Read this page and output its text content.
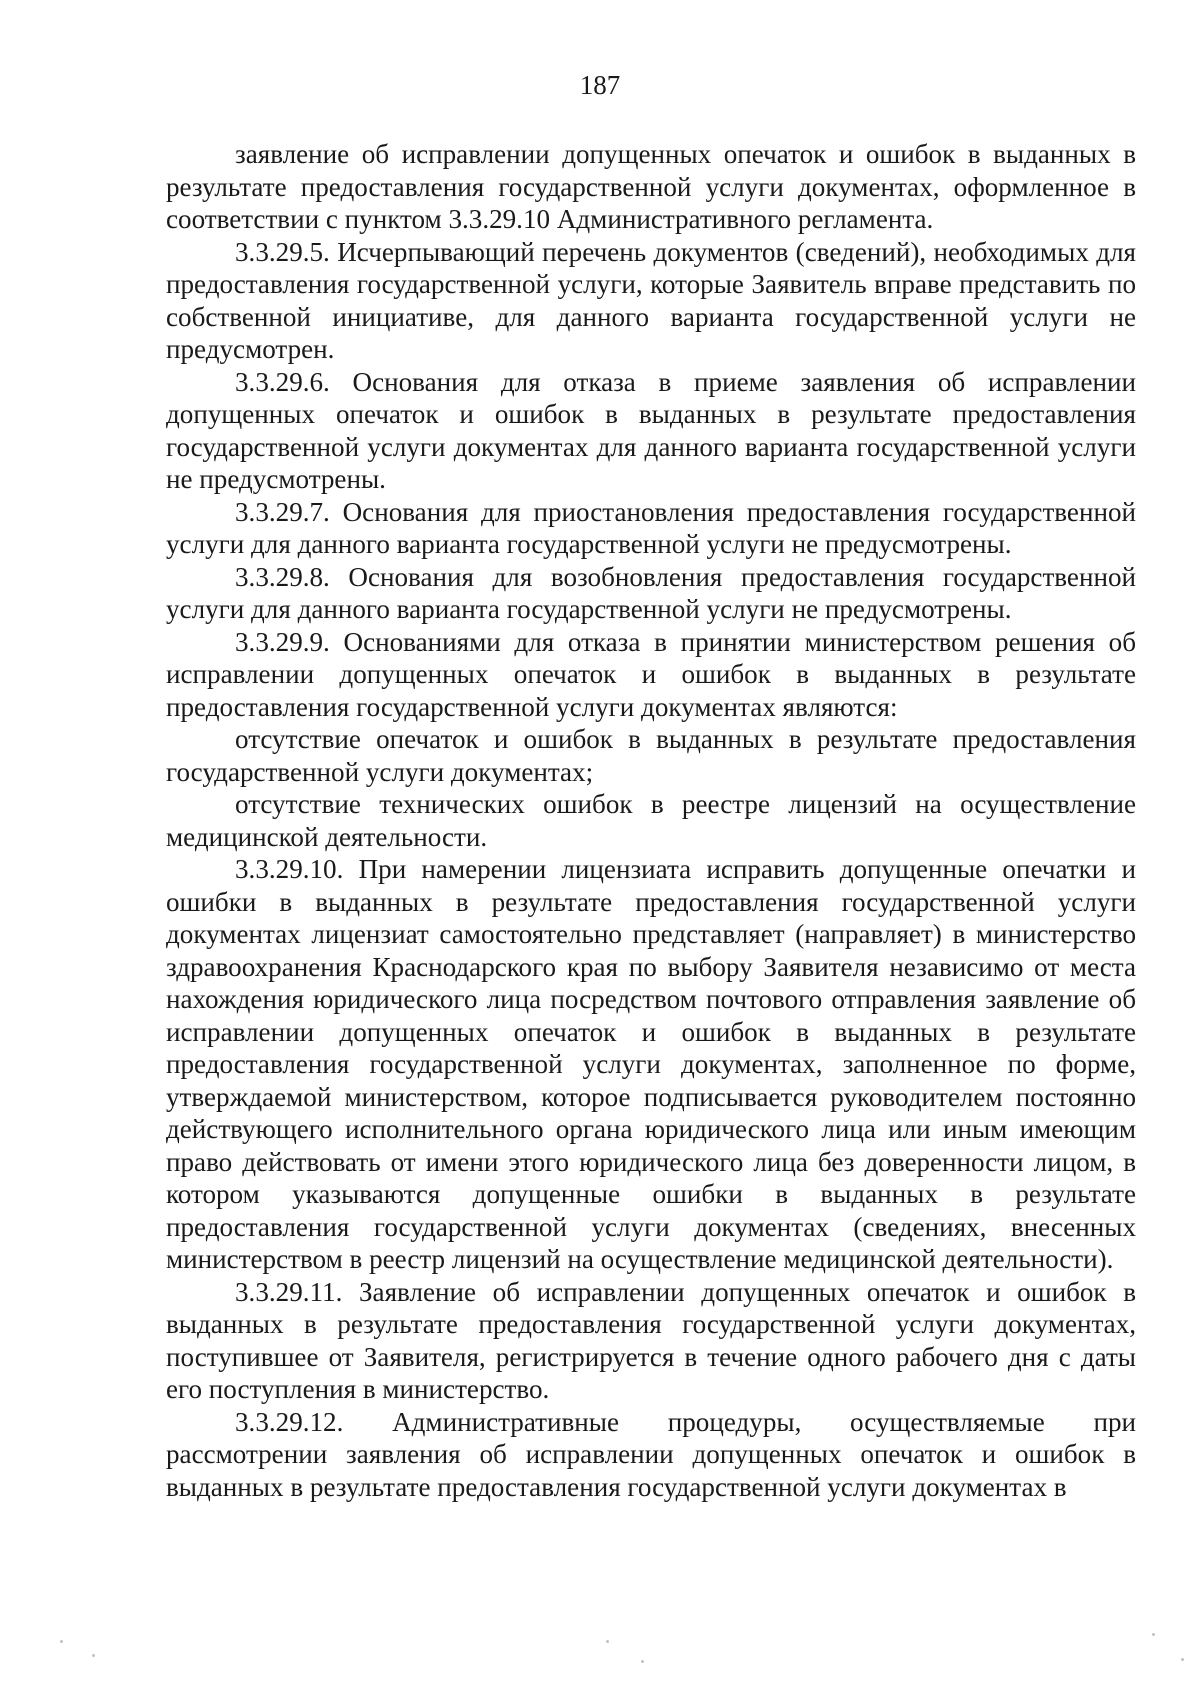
187

заявление об исправлении допущенных опечаток и ошибок в выданных в результате предоставления государственной услуги документах, оформленное в соответствии с пунктом 3.3.29.10 Административного регламента.

3.3.29.5. Исчерпывающий перечень документов (сведений), необходимых для предоставления государственной услуги, которые Заявитель вправе представить по собственной инициативе, для данного варианта государственной услуги не предусмотрен.

3.3.29.6. Основания для отказа в приеме заявления об исправлении допущенных опечаток и ошибок в выданных в результате предоставления государственной услуги документах для данного варианта государственной услуги не предусмотрены.

3.3.29.7. Основания для приостановления предоставления государственной услуги для данного варианта государственной услуги не предусмотрены.

3.3.29.8. Основания для возобновления предоставления государственной услуги для данного варианта государственной услуги не предусмотрены.

3.3.29.9. Основаниями для отказа в принятии министерством решения об исправлении допущенных опечаток и ошибок в выданных в результате предоставления государственной услуги документах являются:

отсутствие опечаток и ошибок в выданных в результате предоставления государственной услуги документах;

отсутствие технических ошибок в реестре лицензий на осуществление медицинской деятельности.

3.3.29.10. При намерении лицензиата исправить допущенные опечатки и ошибки в выданных в результате предоставления государственной услуги документах лицензиат самостоятельно представляет (направляет) в министерство здравоохранения Краснодарского края по выбору Заявителя независимо от места нахождения юридического лица посредством почтового отправления заявление об исправлении допущенных опечаток и ошибок в выданных в результате предоставления государственной услуги документах, заполненное по форме, утверждаемой министерством, которое подписывается руководителем постоянно действующего исполнительного органа юридического лица или иным имеющим право действовать от имени этого юридического лица без доверенности лицом, в котором указываются допущенные ошибки в выданных в результате предоставления государственной услуги документах (сведениях, внесенных министерством в реестр лицензий на осуществление медицинской деятельности).

3.3.29.11. Заявление об исправлении допущенных опечаток и ошибок в выданных в результате предоставления государственной услуги документах, поступившее от Заявителя, регистрируется в течение одного рабочего дня с даты его поступления в министерство.

3.3.29.12. Административные процедуры, осуществляемые при рассмотрении заявления об исправлении допущенных опечаток и ошибок в выданных в результате предоставления государственной услуги документах в
